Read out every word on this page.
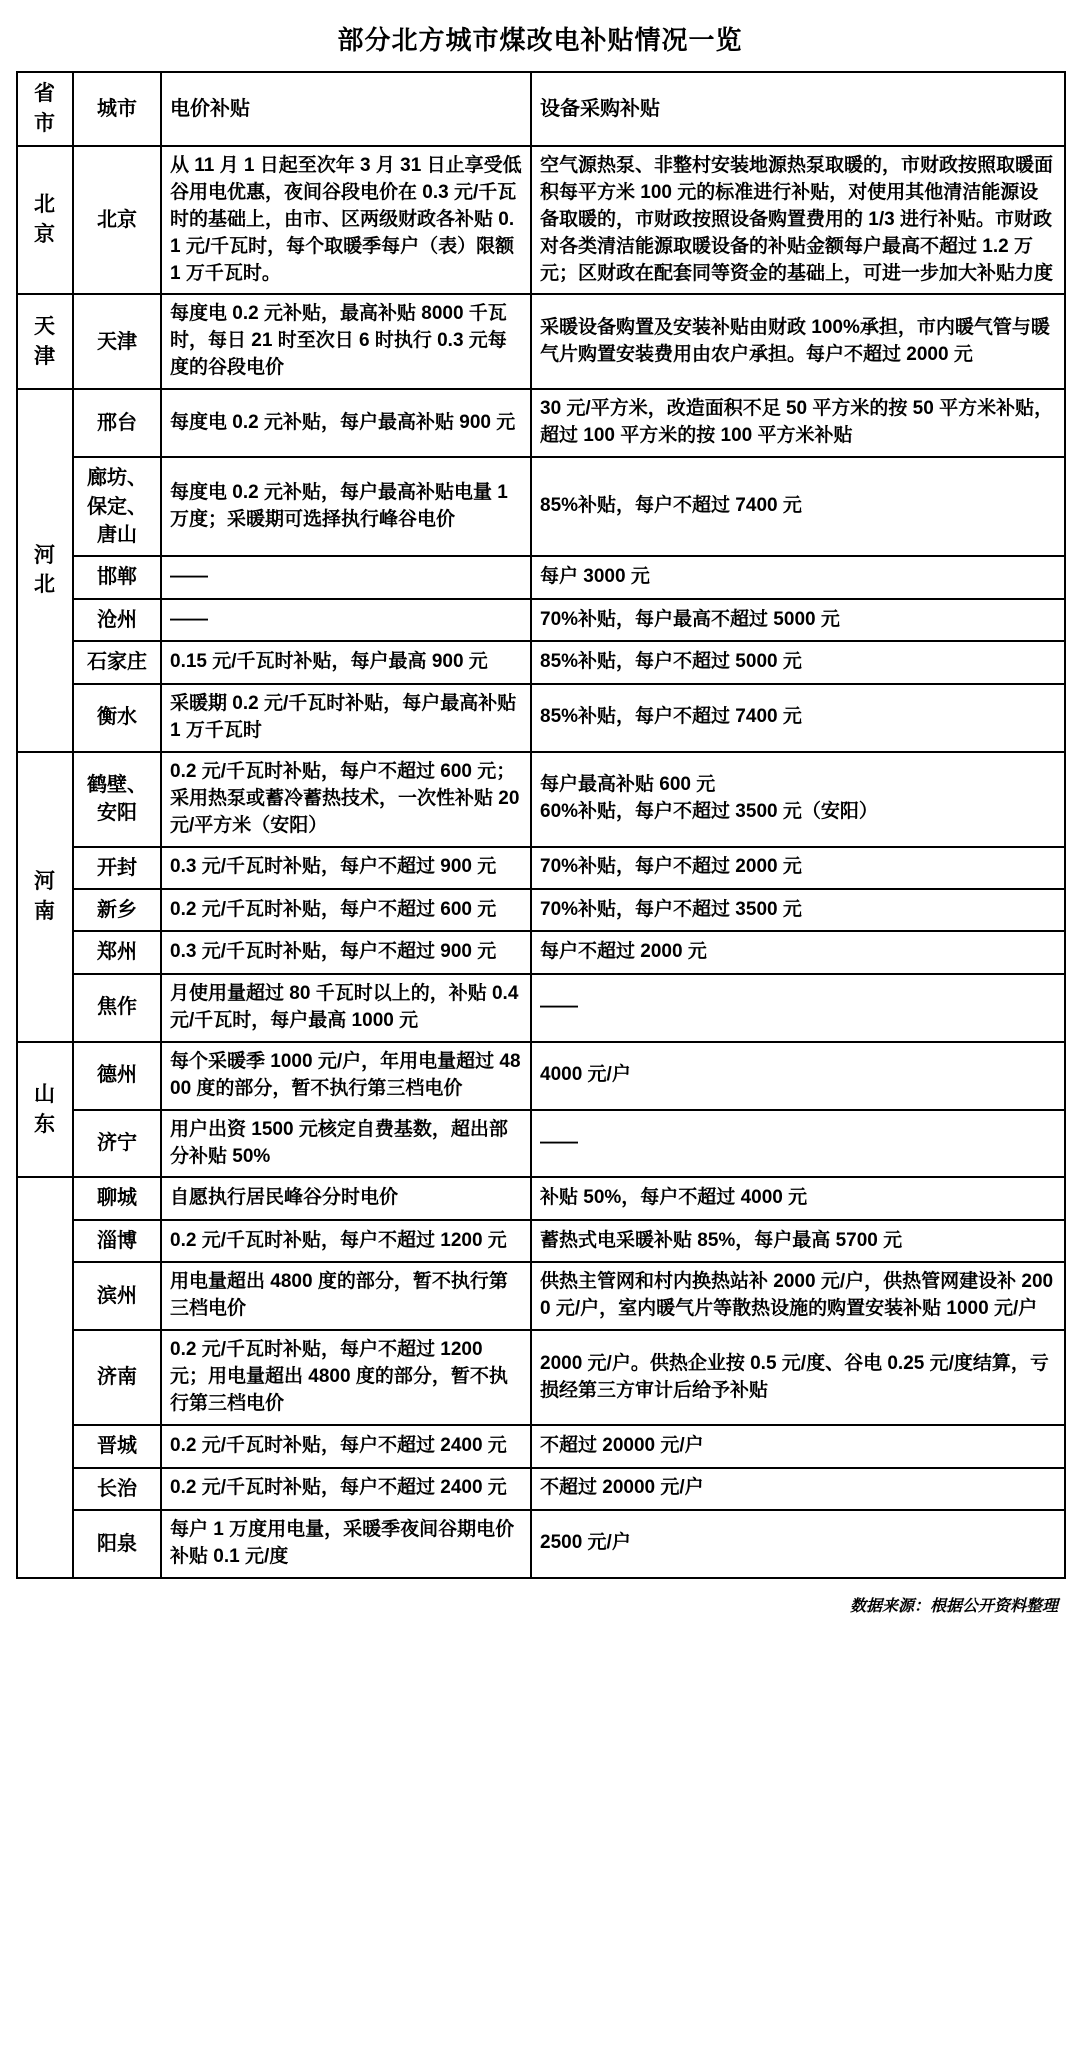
部分北方城市煤改电补贴情况一览
省市	城市	电价补贴	设备采购补贴
北京	北京	从 11 月 1 日起至次年 3 月 31 日止享受低谷用电优惠，夜间谷段电价在 0.3 元/千瓦时的基础上，由市、区两级财政各补贴 0.1 元/千瓦时，每个取暖季每户（表）限额 1 万千瓦时。	空气源热泵、非整村安装地源热泵取暖的，市财政按照取暖面积每平方米 100 元的标准进行补贴，对使用其他清洁能源设备取暖的，市财政按照设备购置费用的 1/3 进行补贴。市财政对各类清洁能源取暖设备的补贴金额每户最高不超过 1.2 万元；区财政在配套同等资金的基础上，可进一步加大补贴力度
天津	天津	每度电 0.2 元补贴，最高补贴 8000 千瓦时，每日 21 时至次日 6 时执行 0.3 元每度的谷段电价	采暖设备购置及安装补贴由财政 100%承担，市内暖气管与暖气片购置安装费用由农户承担。每户不超过 2000 元
河北	邢台	每度电 0.2 元补贴，每户最高补贴 900 元	30 元/平方米，改造面积不足 50 平方米的按 50 平方米补贴，超过 100 平方米的按 100 平方米补贴
	廊坊、保定、唐山	每度电 0.2 元补贴，每户最高补贴电量 1 万度；采暖期可选择执行峰谷电价	85%补贴，每户不超过 7400 元
	邯郸	——	每户 3000 元
	沧州	——	70%补贴，每户最高不超过 5000 元
	石家庄	0.15 元/千瓦时补贴，每户最高 900 元	85%补贴，每户不超过 5000 元
	衡水	采暖期 0.2 元/千瓦时补贴，每户最高补贴 1 万千瓦时	85%补贴，每户不超过 7400 元
河南	鹤壁、安阳	0.2 元/千瓦时补贴，每户不超过 600 元；采用热泵或蓄冷蓄热技术，一次性补贴 20 元/平方米（安阳）	每户最高补贴 600 元
60%补贴，每户不超过 3500 元（安阳）
	开封	0.3 元/千瓦时补贴，每户不超过 900 元	70%补贴，每户不超过 2000 元
	新乡	0.2 元/千瓦时补贴，每户不超过 600 元	70%补贴，每户不超过 3500 元
	郑州	0.3 元/千瓦时补贴，每户不超过 900 元	每户不超过 2000 元
	焦作	月使用量超过 80 千瓦时以上的，补贴 0.4 元/千瓦时，每户最高 1000 元	——
山东	德州	每个采暖季 1000 元/户，年用电量超过 4800 度的部分，暂不执行第三档电价	4000 元/户
	济宁	用户出资 1500 元核定自费基数，超出部分补贴 50%	——
	聊城	自愿执行居民峰谷分时电价	补贴 50%，每户不超过 4000 元
	淄博	0.2 元/千瓦时补贴，每户不超过 1200 元	蓄热式电采暖补贴 85%，每户最高 5700 元
	滨州	用电量超出 4800 度的部分，暂不执行第三档电价	供热主管网和村内换热站补 2000 元/户，供热管网建设补 2000 元/户，室内暖气片等散热设施的购置安装补贴 1000 元/户
	济南	0.2 元/千瓦时补贴，每户不超过 1200 元；用电量超出 4800 度的部分，暂不执行第三档电价	2000 元/户。供热企业按 0.5 元/度、谷电 0.25 元/度结算，亏损经第三方审计后给予补贴
	晋城	0.2 元/千瓦时补贴，每户不超过 2400 元	不超过 20000 元/户
	长治	0.2 元/千瓦时补贴，每户不超过 2400 元	不超过 20000 元/户
	阳泉	每户 1 万度用电量，采暖季夜间谷期电价补贴 0.1 元/度	2500 元/户
数据来源：根据公开资料整理
